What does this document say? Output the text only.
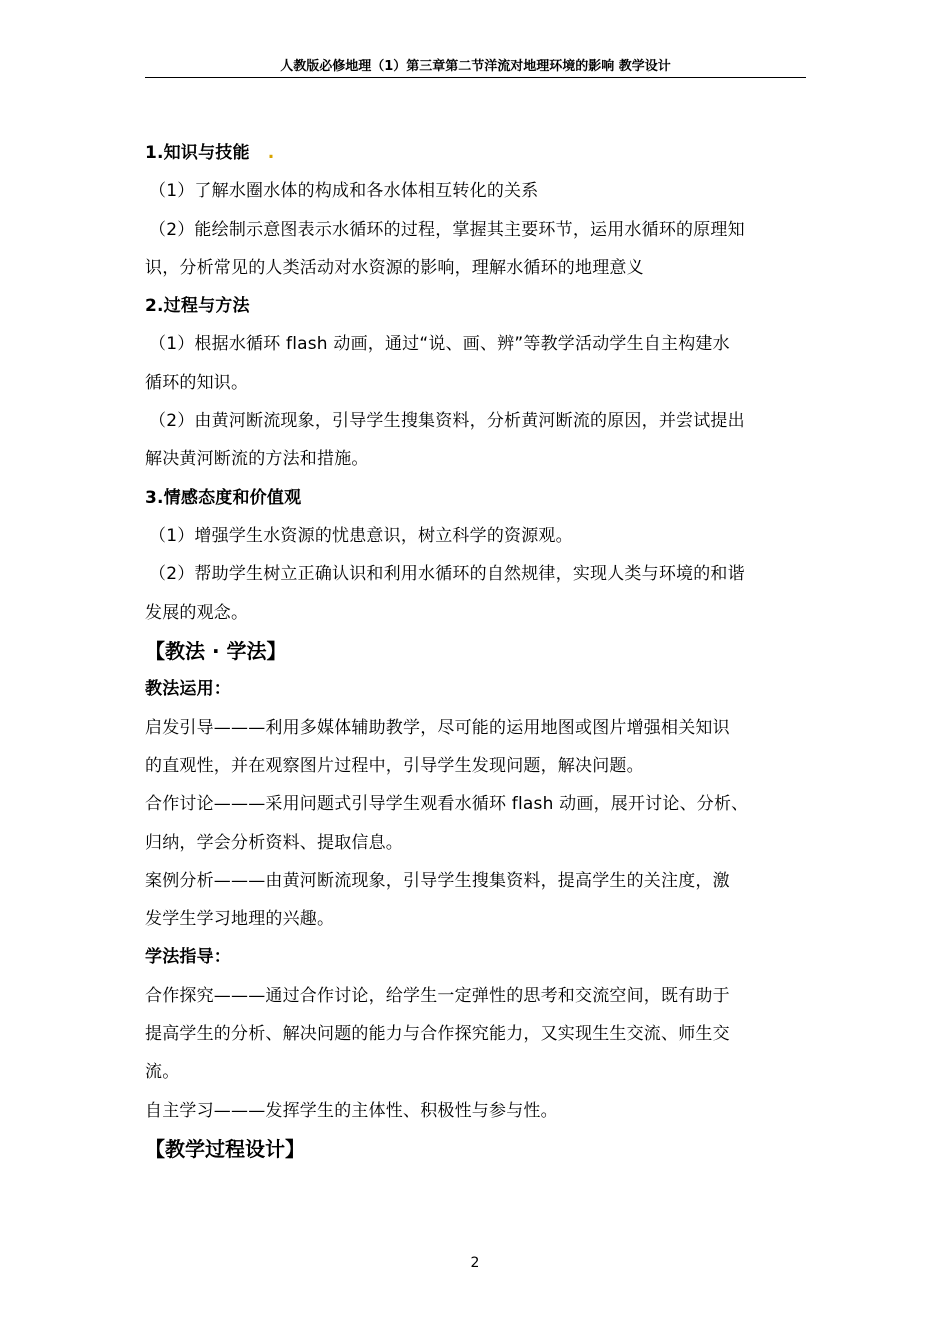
人教版必修地理（1）第三章第二节洋流对地理环境的影响 教学设计

1.知识与技能 .

（1）了解水圈水体的构成和各水体相互转化的关系

（2）能绘制示意图表示水循环的过程，掌握其主要环节，运用水循环的原理知

识，分析常见的人类活动对水资源的影响，理解水循环的地理意义

2.过程与方法

（1）根据水循环 flash 动画，通过“说、画、辨”等教学活动学生自主构建水

循环的知识。

（2）由黄河断流现象，引导学生搜集资料，分析黄河断流的原因，并尝试提出

解决黄河断流的方法和措施。

3.情感态度和价值观

（1）增强学生水资源的忧患意识，树立科学的资源观。

（2）帮助学生树立正确认识和利用水循环的自然规律，实现人类与环境的和谐

发展的观念。

【教法 · 学法】

教法运用：

启发引导———利用多媒体辅助教学，尽可能的运用地图或图片增强相关知识

的直观性，并在观察图片过程中，引导学生发现问题，解决问题。

合作讨论———采用问题式引导学生观看水循环 flash 动画，展开讨论、分析、

归纳，学会分析资料、提取信息。

案例分析———由黄河断流现象，引导学生搜集资料，提高学生的关注度，激

发学生学习地理的兴趣。

学法指导：

合作探究———通过合作讨论，给学生一定弹性的思考和交流空间，既有助于

提高学生的分析、解决问题的能力与合作探究能力，又实现生生交流、师生交

流。

自主学习———发挥学生的主体性、积极性与参与性。

【教学过程设计】

2
